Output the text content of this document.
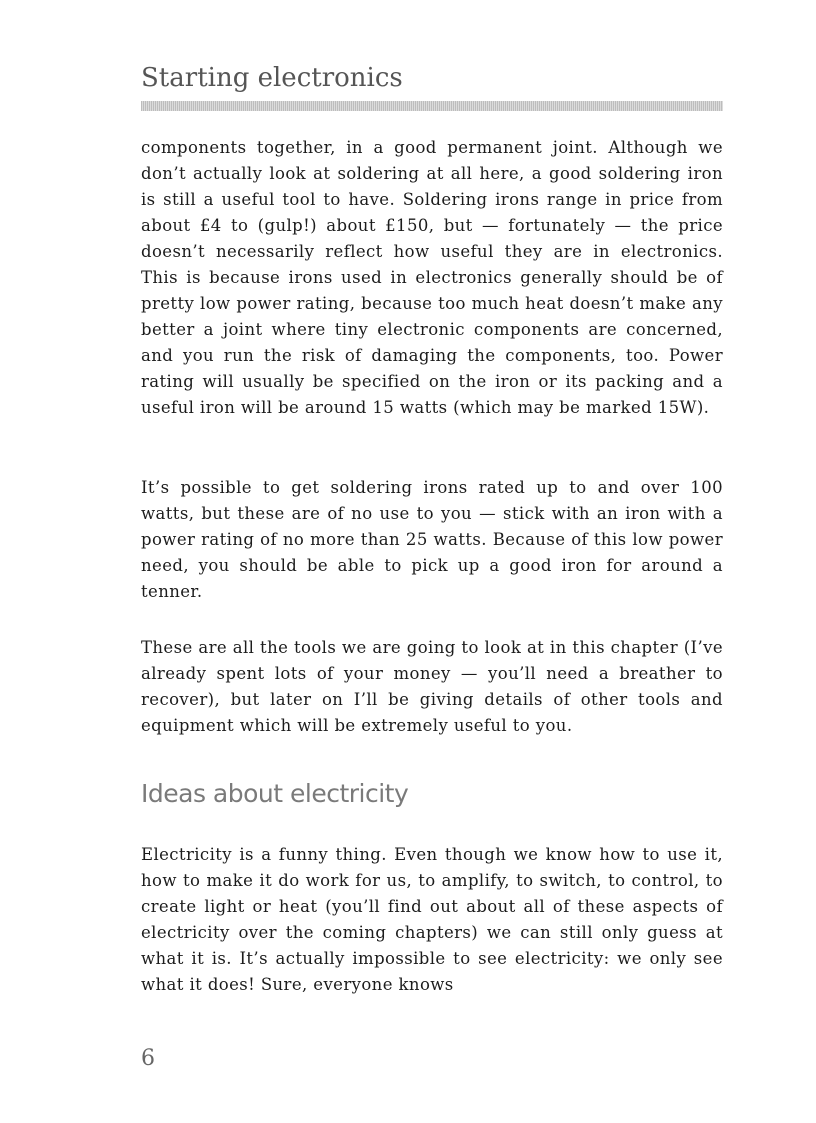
Starting electronics

components together, in a good permanent joint. Although we don’t actually look at soldering at all here, a good soldering iron is still a useful tool to have. Soldering irons range in price from about £4 to (gulp!) about £150, but — fortunately — the price doesn’t necessarily reflect how useful they are in electronics. This is because irons used in electronics generally should be of pretty low power rating, because too much heat doesn’t make any better a joint where tiny electronic components are concerned, and you run the risk of damaging the components, too. Power rating will usually be specified on the iron or its packing and a useful iron will be around 15 watts (which may be marked 15W).

It’s possible to get soldering irons rated up to and over 100 watts, but these are of no use to you — stick with an iron with a power rating of no more than 25 watts. Because of this low power need, you should be able to pick up a good iron for around a tenner.

These are all the tools we are going to look at in this chapter (I’ve already spent lots of your money — you’ll need a breather to recover), but later on I’ll be giving details of other tools and equipment which will be extremely useful to you.

Ideas about electricity

Electricity is a funny thing. Even though we know how to use it, how to make it do work for us, to amplify, to switch, to control, to create light or heat (you’ll find out about all of these aspects of electricity over the coming chapters) we can still only guess at what it is. It’s actually impossible to see electricity: we only see what it does! Sure, everyone knows

6
